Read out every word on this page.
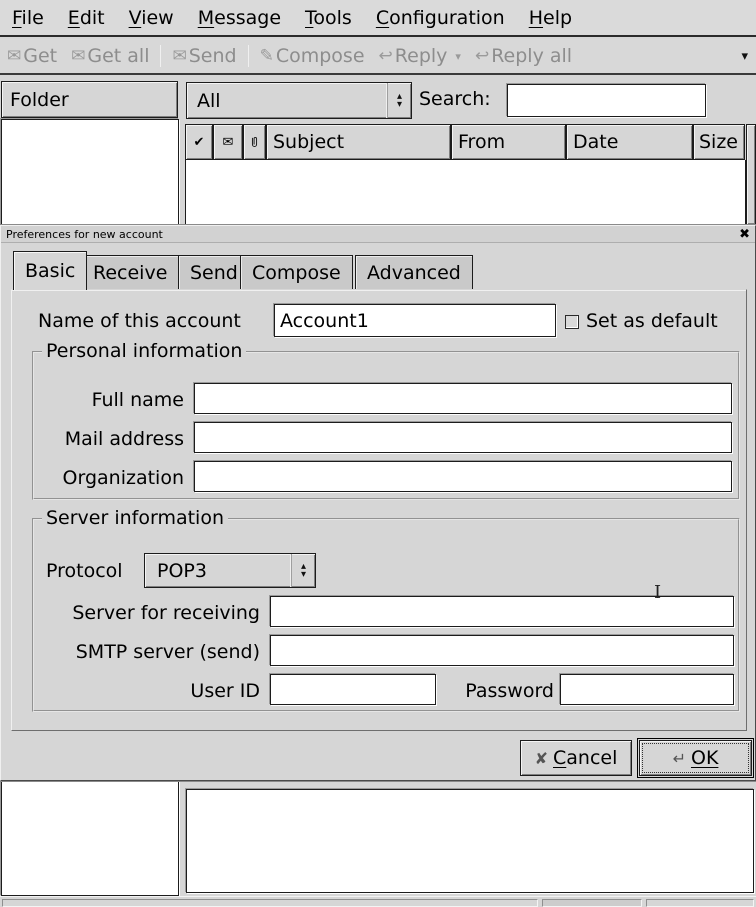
File	Edit	View	Message	Tools	Configuration	Help
✉ Get ✉ Get all ✉ Send ✎ Compose ↩ Reply ▾ ↩ Reply all	▾
Folder	All	▴
▾ Search:
✔ ✉ Subject	From	Date	Size
Preferences for new account	✖
Basic Receive Send Compose Advanced
Name of this account
Account1	Set as default
Personal information
Full name
Mail address
Organization
Server information
Protocol POP3	▴
▾
Server for receiving
SMTP server (send)
User ID	Password
I
✘ Cancel	↵ OK
